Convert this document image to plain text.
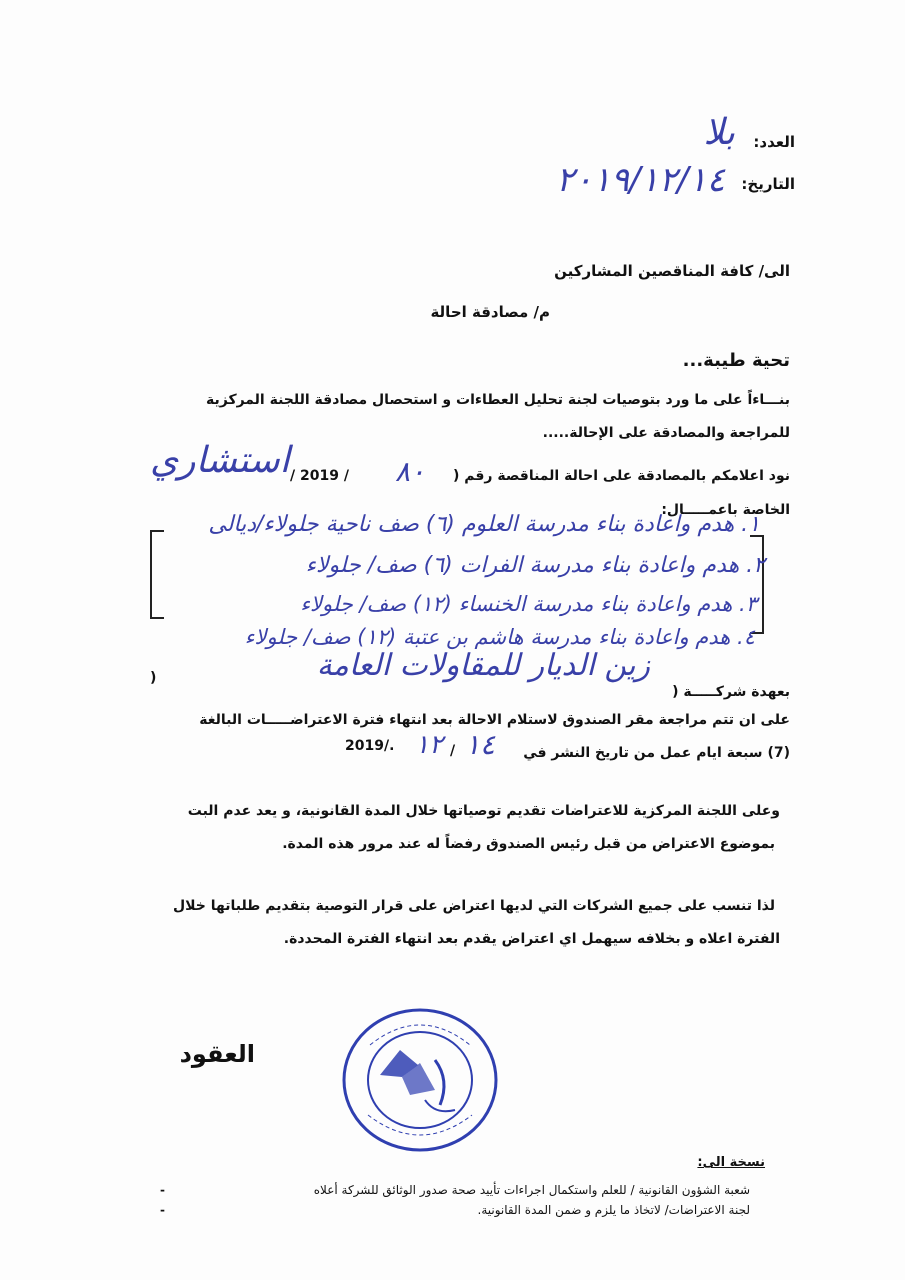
العدد:
بلا
التاريخ:
٢٠١٩/١٢/١٤
الى/ كافة المناقصين المشاركين
م/ مصادقة احالة
تحية طيبة...
بنـــاءاً على ما ورد بتوصيات لجنة تحليل العطاءات و استحصال مصادقة اللجنة المركزية
للمراجعة والمصادقة على الإحالة.....
نود اعلامكم بالمصادقة على احالة المناقصة رقم (
٨٠
/ 2019 /
استشاري
الخاصة باعمـــــال:
١. هدم واعادة بناء مدرسة العلوم (٦) صف ناحية جلولاء/ديالى
٢. هدم واعادة بناء مدرسة الفرات (٦) صف/ جلولاء
٣. هدم واعادة بناء مدرسة الخنساء (١٢) صف/ جلولاء
٤. هدم واعادة بناء مدرسة هاشم بن عتبة (١٢) صف/ جلولاء
بعهدة شركـــــة (
زين الديار للمقاولات العامة
)
على ان تتم مراجعة مقر الصندوق لاستلام الاحالة بعد انتهاء فترة الاعتراضـــــات البالغة
(7) سبعة ايام عمل من تاريخ النشر في
١٤
/
١٢
2019/.
وعلى اللجنة المركزية للاعتراضات تقديم توصياتها خلال المدة القانونية، و يعد عدم البت
بموضوع الاعتراض من قبل رئيس الصندوق رفضاً له عند مرور هذه المدة.
لذا تنسب على جميع الشركات التي لديها اعتراض على قرار التوصية بتقديم طلباتها خلال
الفترة اعلاه و بخلافه سيهمل اي اعتراض يقدم بعد انتهاء الفترة المحددة.
العقود
نسخة الى:
شعبة الشؤون القانونية / للعلم واستكمال اجراءات تأييد صحة صدور الوثائق للشركة أعلاه
-
لجنة الاعتراضات/ لاتخاذ ما يلزم و ضمن المدة القانونية.
-
